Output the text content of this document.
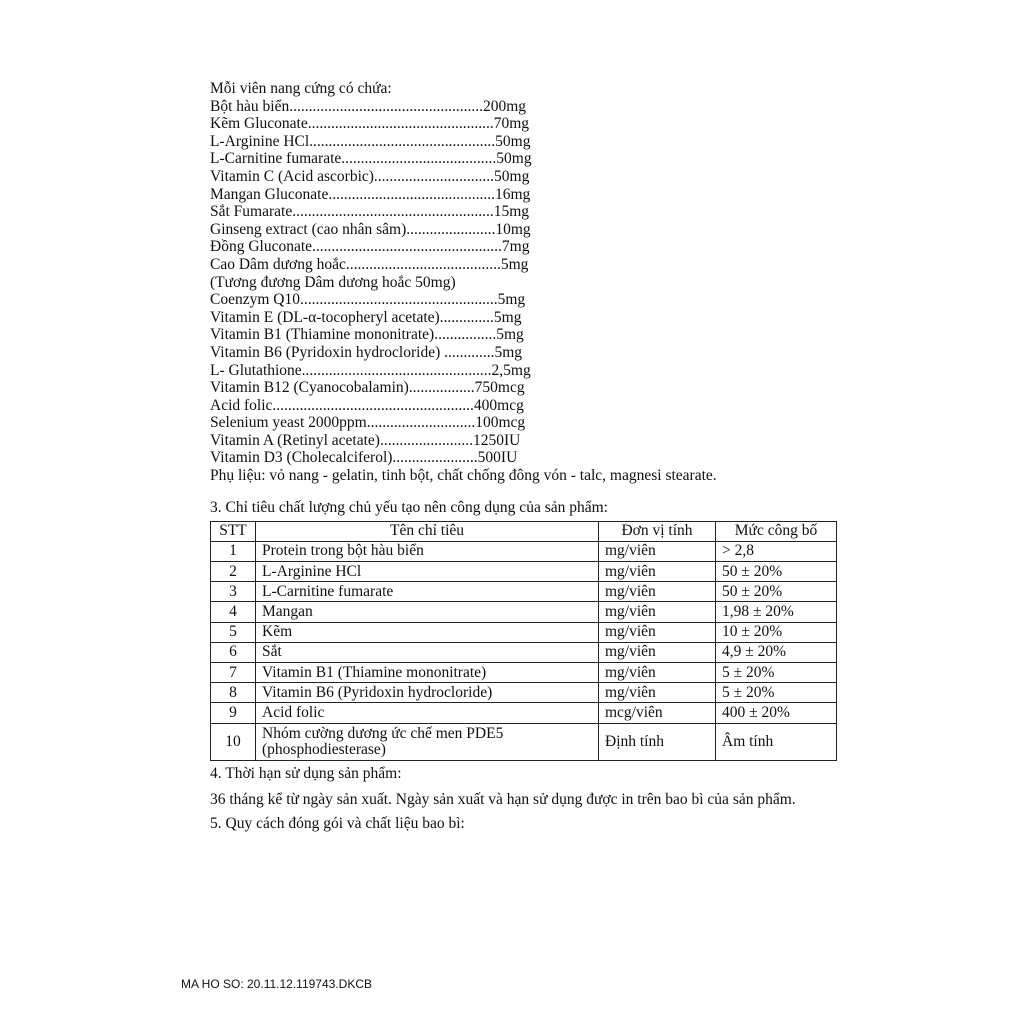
Mỗi viên nang cứng có chứa:
Bột hàu biển..................................................200mg
Kẽm Gluconate................................................70mg
L-Arginine HCl................................................50mg
L-Carnitine fumarate........................................50mg
Vitamin C (Acid ascorbic)...............................50mg
Mangan Gluconate...........................................16mg
Sắt Fumarate....................................................15mg
Ginseng extract (cao nhân sâm).......................10mg
Đồng Gluconate.................................................7mg
Cao Dâm dương hoắc........................................5mg
(Tương đương Dâm dương hoắc 50mg)
Coenzym Q10...................................................5mg
Vitamin E (DL-α-tocopheryl acetate)..............5mg
Vitamin B1 (Thiamine mononitrate)................5mg
Vitamin B6 (Pyridoxin hydrocloride) .............5mg
L- Glutathione.................................................2,5mg
Vitamin B12 (Cyanocobalamin).................750mcg
Acid folic....................................................400mcg
Selenium yeast 2000ppm............................100mcg
Vitamin A (Retinyl acetate)........................1250IU
Vitamin D3 (Cholecalciferol)......................500IU
Phụ liệu: vỏ nang - gelatin, tinh bột, chất chống đông vón - talc, magnesi stearate.
3. Chỉ tiêu chất lượng chủ yếu tạo nên công dụng của sản phẩm:
STT	Tên chỉ tiêu	Đơn vị tính	Mức công bố
1	Protein trong bột hàu biển	mg/viên	> 2,8
2	L-Arginine HCl	mg/viên	50 ± 20%
3	L-Carnitine fumarate	mg/viên	50 ± 20%
4	Mangan	mg/viên	1,98 ± 20%
5	Kẽm	mg/viên	10 ± 20%
6	Sắt	mg/viên	4,9 ± 20%
7	Vitamin B1 (Thiamine mononitrate)	mg/viên	5 ± 20%
8	Vitamin B6 (Pyridoxin hydrocloride)	mg/viên	5 ± 20%
9	Acid folic	mcg/viên	400 ± 20%
10	Nhóm cường dương ức chế men PDE5 (phosphodiesterase)	Định tính	Âm tính
4. Thời hạn sử dụng sản phẩm:
36 tháng kể từ ngày sản xuất. Ngày sản xuất và hạn sử dụng được in trên bao bì của sản phẩm.
5. Quy cách đóng gói và chất liệu bao bì:
MA HO SO: 20.11.12.119743.DKCB
